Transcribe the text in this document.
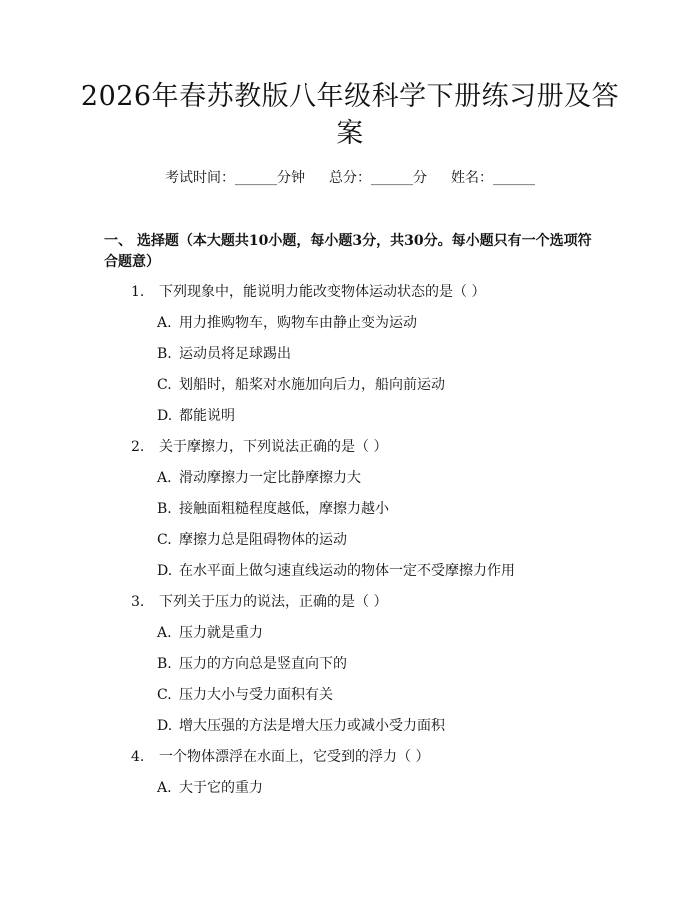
2026年春苏教版八年级科学下册练习册及答案
考试时间：______分钟 总分：______分 姓名：______
一、 选择题（本大题共10小题，每小题3分，共30分。每小题只有一个选项符合题意）
1. 下列现象中，能说明力能改变物体运动状态的是（ ）
A. 用力推购物车，购物车由静止变为运动
B. 运动员将足球踢出
C. 划船时，船桨对水施加向后力，船向前运动
D. 都能说明
2. 关于摩擦力，下列说法正确的是（ ）
A. 滑动摩擦力一定比静摩擦力大
B. 接触面粗糙程度越低，摩擦力越小
C. 摩擦力总是阻碍物体的运动
D. 在水平面上做匀速直线运动的物体一定不受摩擦力作用
3. 下列关于压力的说法，正确的是（ ）
A. 压力就是重力
B. 压力的方向总是竖直向下的
C. 压力大小与受力面积有关
D. 增大压强的方法是增大压力或减小受力面积
4. 一个物体漂浮在水面上，它受到的浮力（ ）
A. 大于它的重力
